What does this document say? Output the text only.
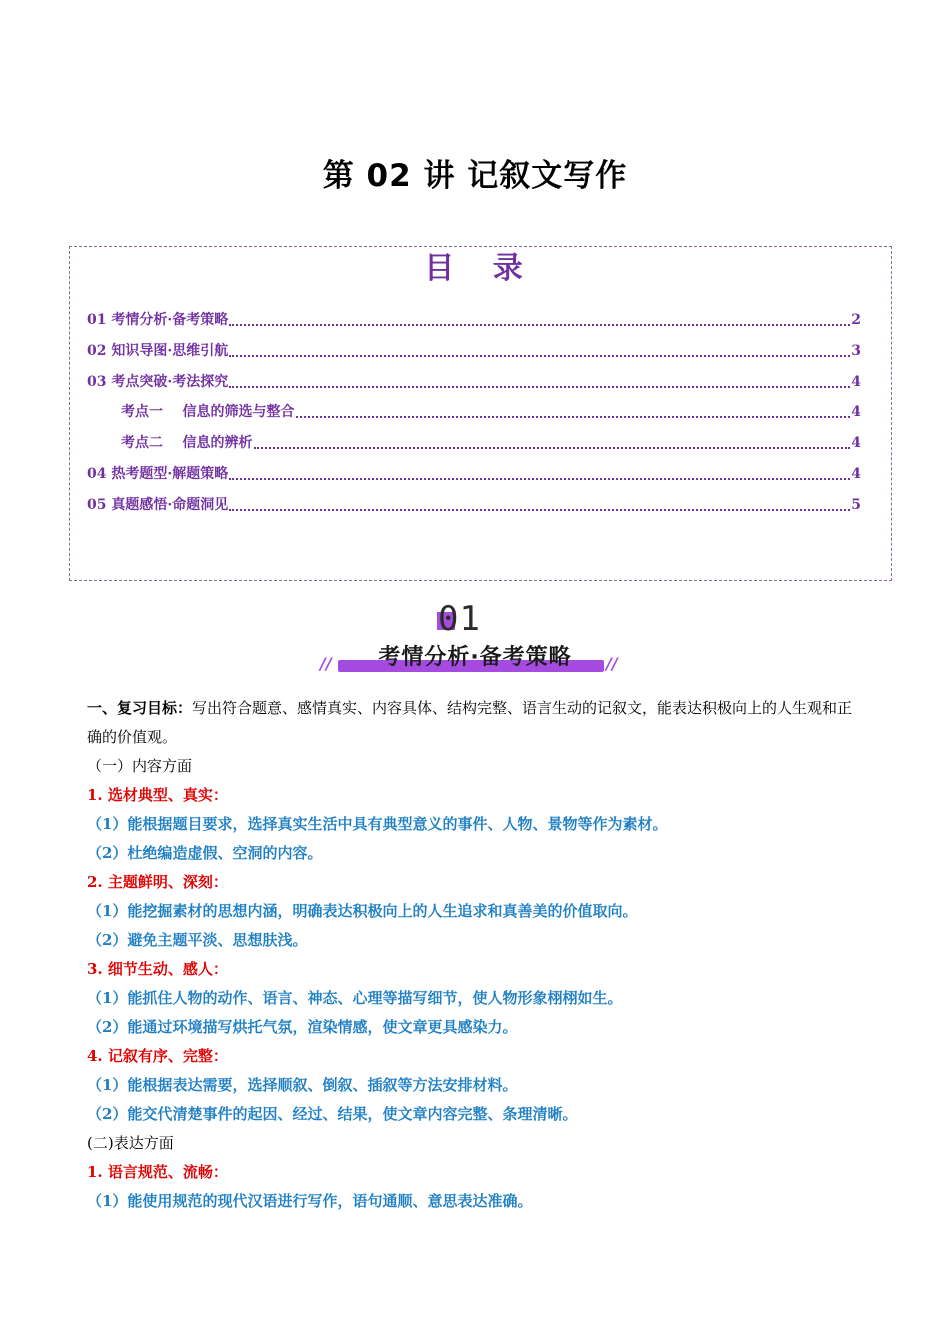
第 02 讲 记叙文写作
目 录
01 考情分析·备考策略	2
02 知识导图·思维引航	3
03 考点突破·考法探究	4
考点一    信息的筛选与整合	4
考点二    信息的辨析	4
04 热考题型·解题策略	4
05 真题感悟·命题洞见	5
01
考情分析·备考策略
//	//
一、复习目标：写出符合题意、感情真实、内容具体、结构完整、语言生动的记叙文，能表达积极向上的人生观和正确的价值观。
（一）内容方面
1. 选材典型、真实：
（1）能根据题目要求，选择真实生活中具有典型意义的事件、人物、景物等作为素材。
（2）杜绝编造虚假、空洞的内容。
2. 主题鲜明、深刻：
（1）能挖掘素材的思想内涵，明确表达积极向上的人生追求和真善美的价值取向。
（2）避免主题平淡、思想肤浅。
3. 细节生动、感人：
（1）能抓住人物的动作、语言、神态、心理等描写细节，使人物形象栩栩如生。
（2）能通过环境描写烘托气氛，渲染情感，使文章更具感染力。
4. 记叙有序、完整：
（1）能根据表达需要，选择顺叙、倒叙、插叙等方法安排材料。
（2）能交代清楚事件的起因、经过、结果，使文章内容完整、条理清晰。
(二)表达方面
1. 语言规范、流畅：
（1）能使用规范的现代汉语进行写作，语句通顺、意思表达准确。
